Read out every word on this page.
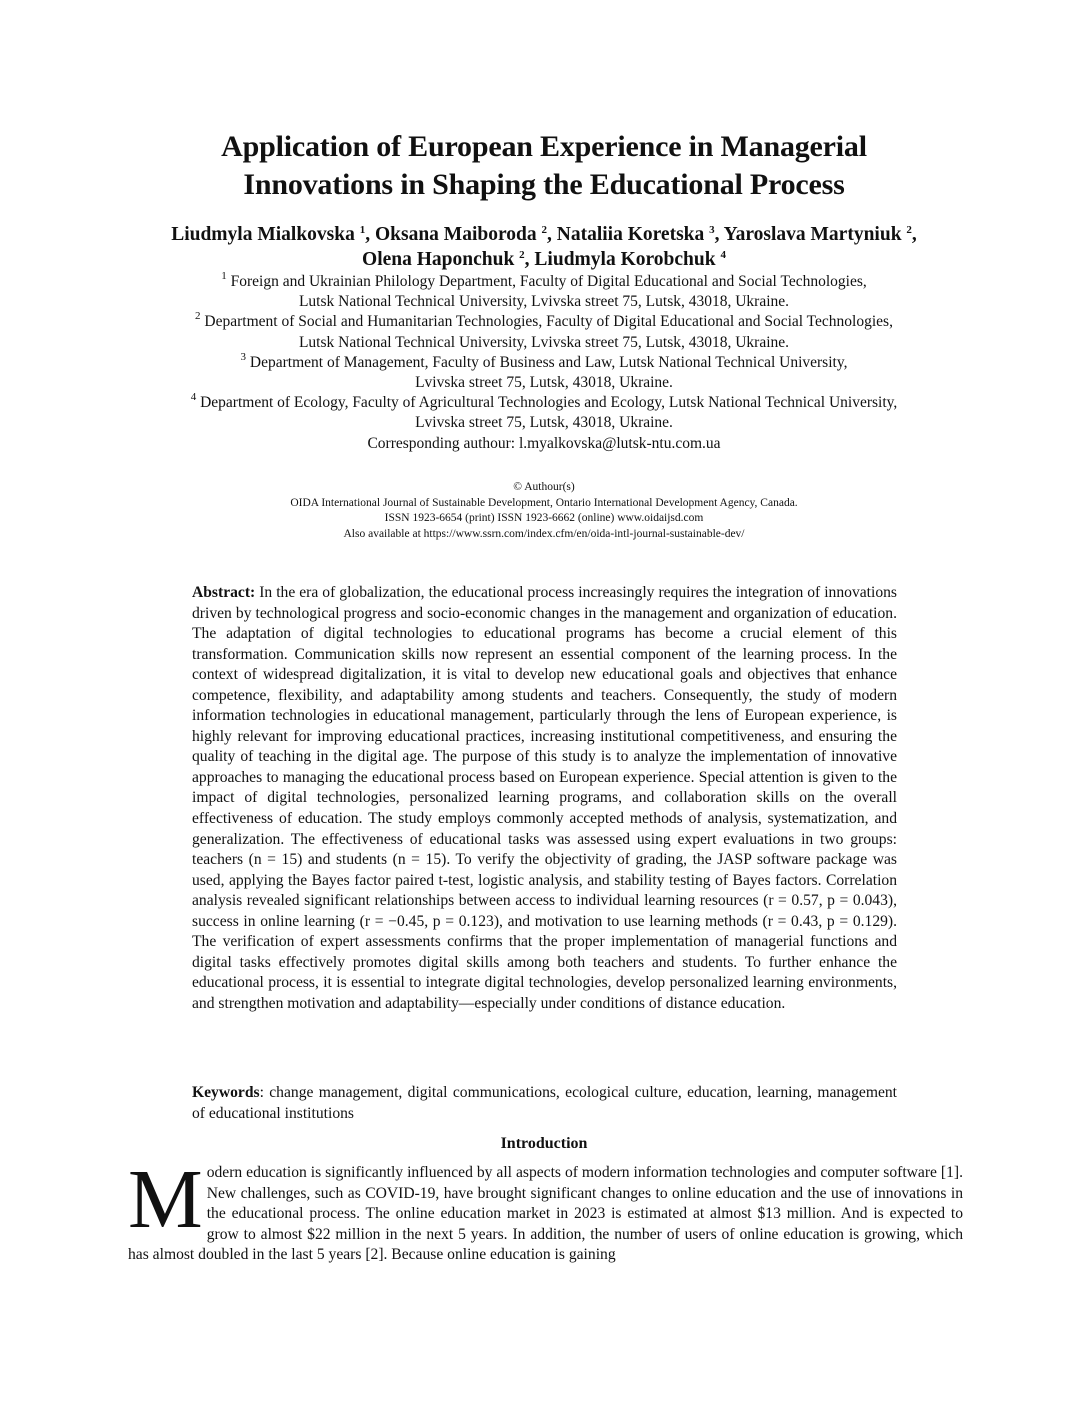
Application of European Experience in Managerial
Innovations in Shaping the Educational Process
Liudmyla Mialkovska $^1$, Oksana Maiboroda $^2$, Nataliia Koretska $^3$, Yaroslava Martyniuk $^2$,
Olena Haponchuk $^2$, Liudmyla Korobchuk $^4$
$^1$ Foreign and Ukrainian Philology Department, Faculty of Digital Educational and Social Technologies,
Lutsk National Technical University, Lvivska street 75, Lutsk, 43018, Ukraine.
$^2$ Department of Social and Humanitarian Technologies, Faculty of Digital Educational and Social Technologies,
Lutsk National Technical University, Lvivska street 75, Lutsk, 43018, Ukraine.
$^3$ Department of Management, Faculty of Business and Law, Lutsk National Technical University,
Lvivska street 75, Lutsk, 43018, Ukraine.
$^4$ Department of Ecology, Faculty of Agricultural Technologies and Ecology, Lutsk National Technical University,
Lvivska street 75, Lutsk, 43018, Ukraine.
Corresponding authour: l.myalkovska@lutsk-ntu.com.ua
© Authour(s)
OIDA International Journal of Sustainable Development, Ontario International Development Agency, Canada.
ISSN 1923-6654 (print) ISSN 1923-6662 (online) www.oidaijsd.com
Also available at https://www.ssrn.com/index.cfm/en/oida-intl-journal-sustainable-dev/
Abstract: In the era of globalization, the educational process increasingly requires the integration of innovations driven by technological progress and socio-economic changes in the management and organization of education. The adaptation of digital technologies to educational programs has become a crucial element of this transformation. Communication skills now represent an essential component of the learning process. In the context of widespread digitalization, it is vital to develop new educational goals and objectives that enhance competence, flexibility, and adaptability among students and teachers. Consequently, the study of modern information technologies in educational management, particularly through the lens of European experience, is highly relevant for improving educational practices, increasing institutional competitiveness, and ensuring the quality of teaching in the digital age. The purpose of this study is to analyze the implementation of innovative approaches to managing the educational process based on European experience. Special attention is given to the impact of digital technologies, personalized learning programs, and collaboration skills on the overall effectiveness of education. The study employs commonly accepted methods of analysis, systematization, and generalization. The effectiveness of educational tasks was assessed using expert evaluations in two groups: teachers (n = 15) and students (n = 15). To verify the objectivity of grading, the JASP software package was used, applying the Bayes factor paired t-test, logistic analysis, and stability testing of Bayes factors. Correlation analysis revealed significant relationships between access to individual learning resources (r = 0.57, p = 0.043), success in online learning (r = −0.45, p = 0.123), and motivation to use learning methods (r = 0.43, p = 0.129). The verification of expert assessments confirms that the proper implementation of managerial functions and digital tasks effectively promotes digital skills among both teachers and students. To further enhance the educational process, it is essential to integrate digital technologies, develop personalized learning environments, and strengthen motivation and adaptability—especially under conditions of distance education.
Keywords: change management, digital communications, ecological culture, education, learning, management of educational institutions
Introduction
Modern education is significantly influenced by all aspects of modern information technologies and computer software [1]. New challenges, such as COVID-19, have brought significant changes to online education and the use of innovations in the educational process. The online education market in 2023 is estimated at almost $13 million. And is expected to grow to almost $22 million in the next 5 years. In addition, the number of users of online education is growing, which has almost doubled in the last 5 years [2]. Because online education is gaining
